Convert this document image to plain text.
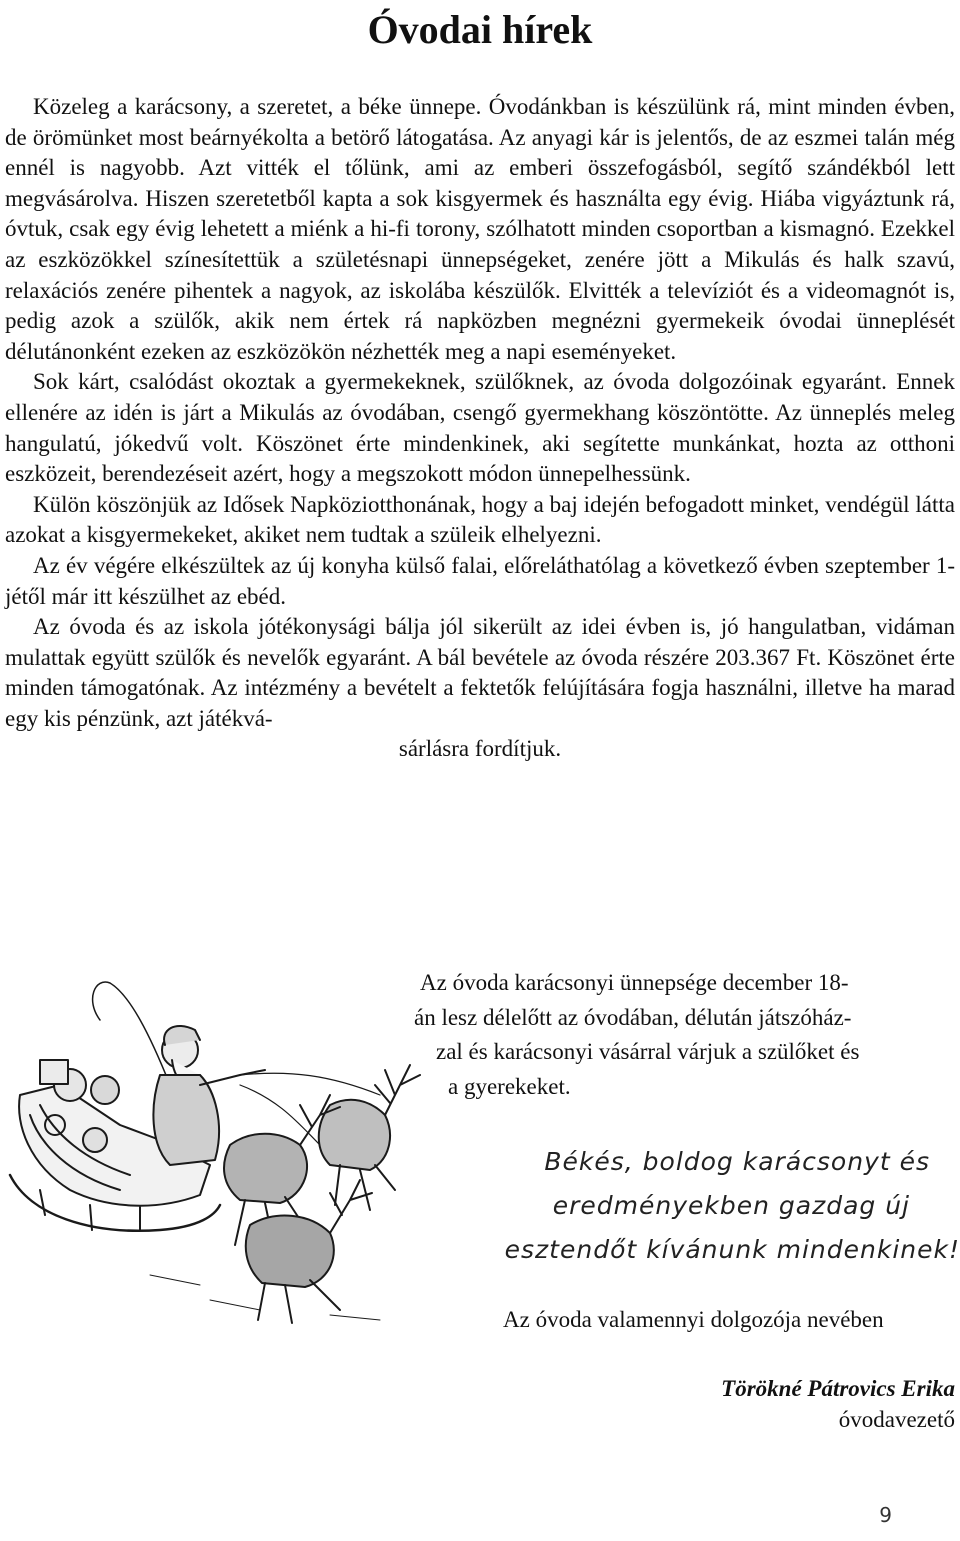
Óvodai hírek

Közeleg a karácsony, a szeretet, a béke ünnepe. Óvodánkban is készülünk rá, mint minden évben, de örömünket most beárnyékolta a betörő látogatása. Az anyagi kár is jelentős, de az eszmei talán még ennél is nagyobb. Azt vitték el tőlünk, ami az emberi összefogásból, segítő szándékból lett megvásárolva. Hiszen szeretetből kapta a sok kisgyermek és használta egy évig. Hiába vigyáztunk rá, óvtuk, csak egy évig lehetett a miénk a hi-fi torony, szólhatott minden csoportban a kismagnó. Ezekkel az eszközökkel színesítettük a születésnapi ünnepségeket, zenére jött a Mikulás és halk szavú, relaxációs zenére pihentek a nagyok, az iskolába készülők. Elvitték a televíziót és a videomagnót is, pedig azok a szülők, akik nem értek rá napközben megnézni gyermekeik óvodai ünneplését délutánonként ezeken az eszközökön nézhették meg a napi eseményeket.

Sok kárt, csalódást okoztak a gyermekeknek, szülőknek, az óvoda dolgozóinak egyaránt. Ennek ellenére az idén is járt a Mikulás az óvodában, csengő gyermekhang köszöntötte. Az ünneplés meleg hangulatú, jókedvű volt. Köszönet érte mindenkinek, aki segítette munkánkat, hozta az otthoni eszközeit, berendezéseit azért, hogy a megszokott módon ünnepelhessünk.

Külön köszönjük az Idősek Napköziotthonának, hogy a baj idején befogadott minket, vendégül látta azokat a kisgyermekeket, akiket nem tudtak a szüleik elhelyezni.

Az év végére elkészültek az új konyha külső falai, előreláthatólag a következő évben szeptember 1-jétől már itt készülhet az ebéd.

Az óvoda és az iskola jótékonysági bálja jól sikerült az idei évben is, jó hangulatban, vidáman mulattak együtt szülők és nevelők egyaránt. A bál bevétele az óvoda részére 203.367 Ft. Köszönet érte minden támogatónak. Az intézmény a bevételt a fektetők felújítására fogja használni, illetve ha marad egy kis pénzünk, azt játékvá-
sárlásra fordítjuk.

Az óvoda karácsonyi ünnepsége december 18-
án lesz délelőtt az óvodában, délután játszóház-
zal és karácsonyi vásárral várjuk a szülőket és
a gyerekeket.
Békés, boldog karácsonyt és
eredményekben gazdag új
esztendőt kívánunk mindenkinek!
Az óvoda valamennyi dolgozója nevében
Törökné Pátrovics Erika
óvodavezető
9
